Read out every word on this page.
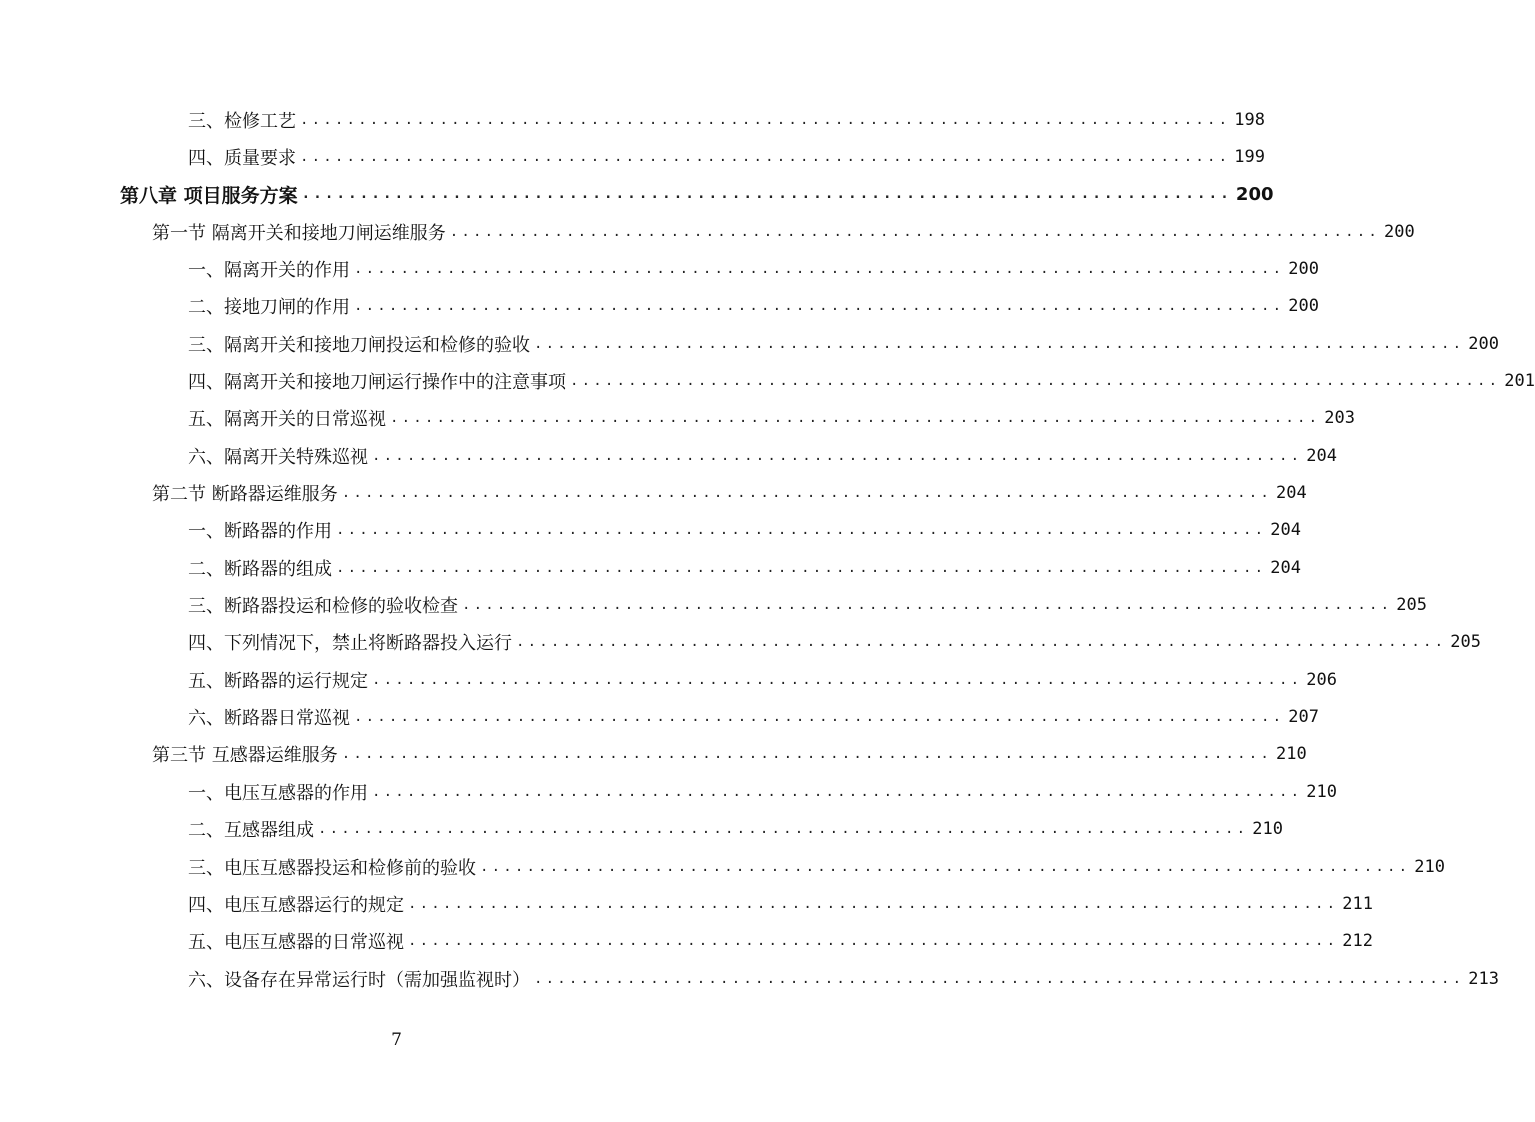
三、检修工艺 ................................................................................ 198
四、质量要求 ................................................................................ 199
第八章 项目服务方案 ................................................................................ 200
第一节 隔离开关和接地刀闸运维服务 ................................................................................ 200
一、隔离开关的作用 ................................................................................ 200
二、接地刀闸的作用 ................................................................................ 200
三、隔离开关和接地刀闸投运和检修的验收 ................................................................................ 200
四、隔离开关和接地刀闸运行操作中的注意事项 ................................................................................ 201
五、隔离开关的日常巡视 ................................................................................ 203
六、隔离开关特殊巡视 ................................................................................ 204
第二节 断路器运维服务 ................................................................................ 204
一、断路器的作用 ................................................................................ 204
二、断路器的组成 ................................................................................ 204
三、断路器投运和检修的验收检查 ................................................................................ 205
四、下列情况下，禁止将断路器投入运行 ................................................................................ 205
五、断路器的运行规定 ................................................................................ 206
六、断路器日常巡视 ................................................................................ 207
第三节 互感器运维服务 ................................................................................ 210
一、电压互感器的作用 ................................................................................ 210
二、互感器组成 ................................................................................ 210
三、电压互感器投运和检修前的验收 ................................................................................ 210
四、电压互感器运行的规定 ................................................................................ 211
五、电压互感器的日常巡视 ................................................................................ 212
六、设备存在异常运行时（需加强监视时） ................................................................................ 213
7
